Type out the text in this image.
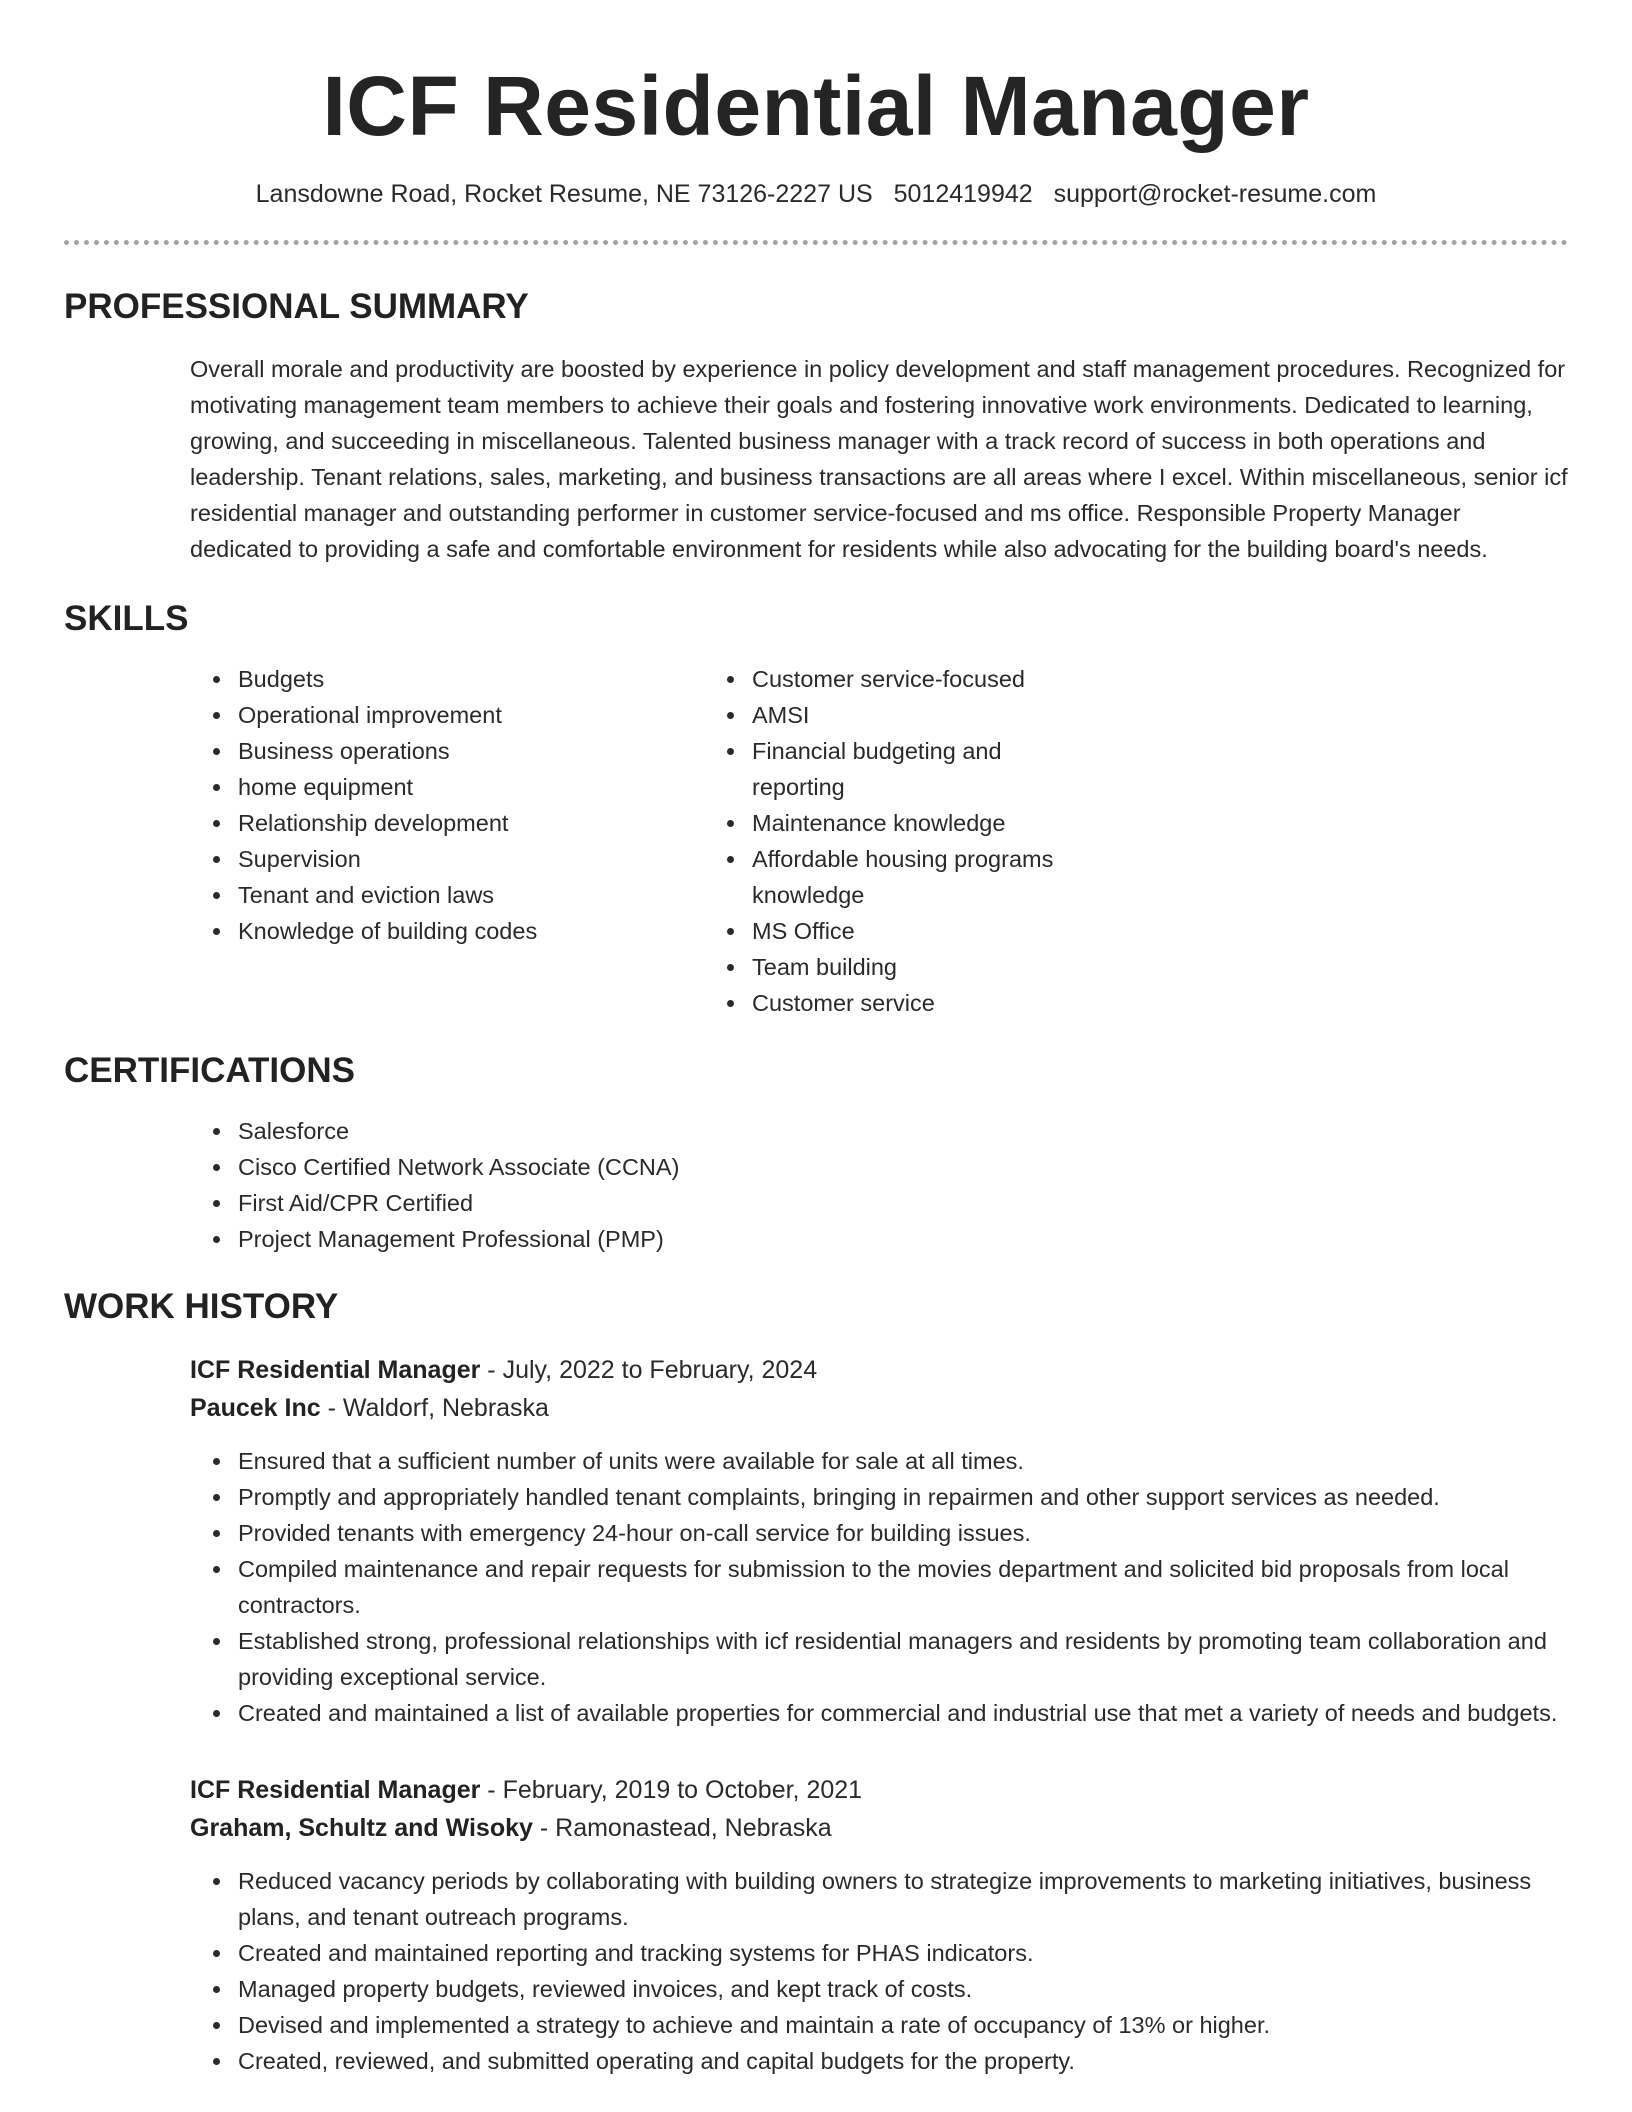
ICF Residential Manager
Lansdowne Road, Rocket Resume, NE 73126-2227 US 5012419942 support@rocket-resume.com
PROFESSIONAL SUMMARY

Overall morale and productivity are boosted by experience in policy development and staff management procedures. Recognized for motivating management team members to achieve their goals and fostering innovative work environments. Dedicated to learning, growing, and succeeding in miscellaneous. Talented business manager with a track record of success in both operations and leadership. Tenant relations, sales, marketing, and business transactions are all areas where I excel. Within miscellaneous, senior icf residential manager and outstanding performer in customer service-focused and ms office. Responsible Property Manager dedicated to providing a safe and comfortable environment for residents while also advocating for the building board's needs.

SKILLS
• Budgets
• Operational improvement
• Business operations
• home equipment
• Relationship development
• Supervision
• Tenant and eviction laws
• Knowledge of building codes
• Customer service-focused
• AMSI
• Financial budgeting and reporting
• Maintenance knowledge
• Affordable housing programs knowledge
• MS Office
• Team building
• Customer service
CERTIFICATIONS
• Salesforce
• Cisco Certified Network Associate (CCNA)
• First Aid/CPR Certified
• Project Management Professional (PMP)
WORK HISTORY
ICF Residential Manager - July, 2022 to February, 2024
Paucek Inc - Waldorf, Nebraska
• Ensured that a sufficient number of units were available for sale at all times.
• Promptly and appropriately handled tenant complaints, bringing in repairmen and other support services as needed.
• Provided tenants with emergency 24-hour on-call service for building issues.
• Compiled maintenance and repair requests for submission to the movies department and solicited bid proposals from local contractors.
• Established strong, professional relationships with icf residential managers and residents by promoting team collaboration and providing exceptional service.
• Created and maintained a list of available properties for commercial and industrial use that met a variety of needs and budgets.
ICF Residential Manager - February, 2019 to October, 2021
Graham, Schultz and Wisoky - Ramonastead, Nebraska
• Reduced vacancy periods by collaborating with building owners to strategize improvements to marketing initiatives, business plans, and tenant outreach programs.
• Created and maintained reporting and tracking systems for PHAS indicators.
• Managed property budgets, reviewed invoices, and kept track of costs.
• Devised and implemented a strategy to achieve and maintain a rate of occupancy of 13% or higher.
• Created, reviewed, and submitted operating and capital budgets for the property.
